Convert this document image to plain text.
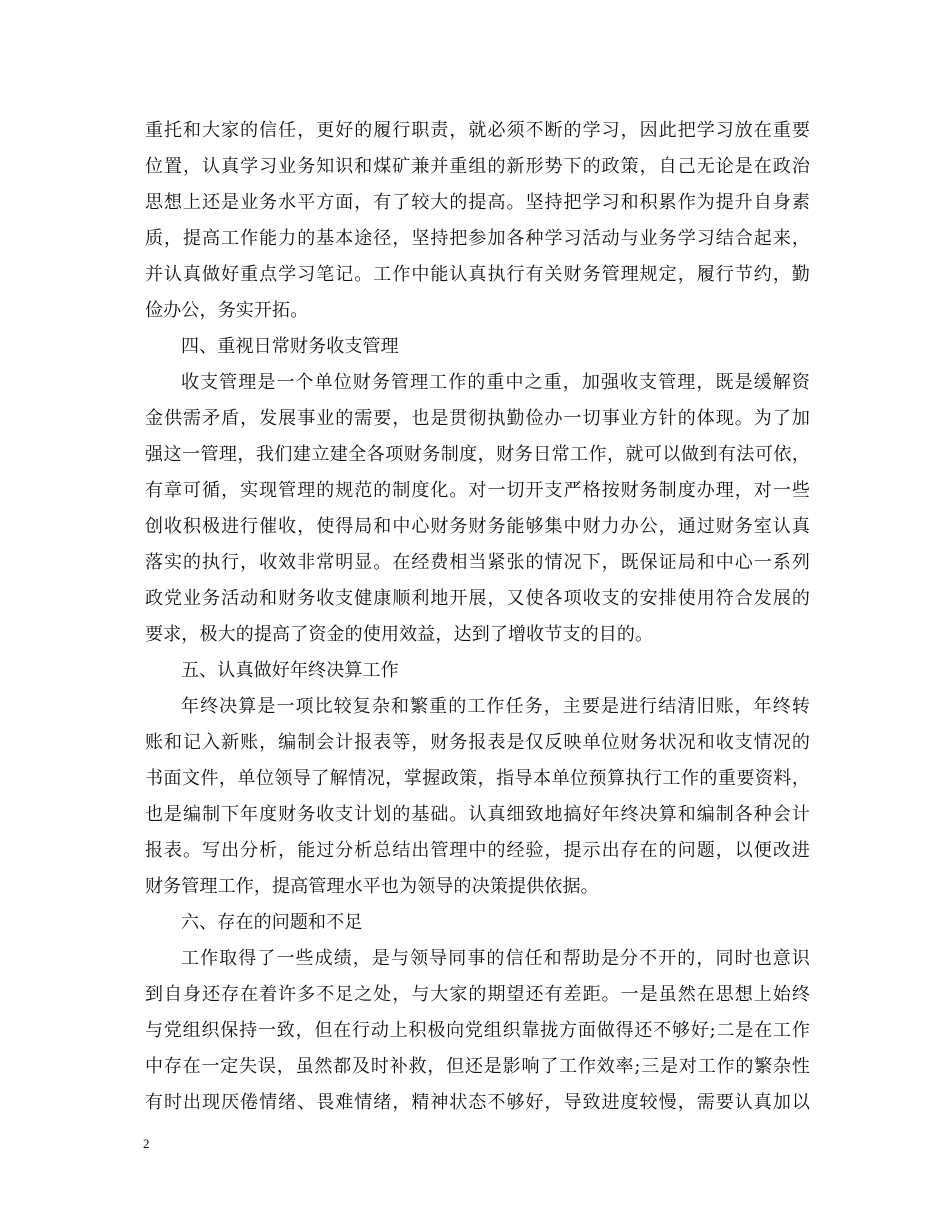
重托和大家的信任，更好的履行职责，就必须不断的学习，因此把学习放在重要
位置，认真学习业务知识和煤矿兼并重组的新形势下的政策，自己无论是在政治
思想上还是业务水平方面，有了较大的提高。坚持把学习和积累作为提升自身素
质，提高工作能力的基本途径，坚持把参加各种学习活动与业务学习结合起来，
并认真做好重点学习笔记。工作中能认真执行有关财务管理规定，履行节约，勤
俭办公，务实开拓。
四、重视日常财务收支管理
收支管理是一个单位财务管理工作的重中之重，加强收支管理，既是缓解资
金供需矛盾，发展事业的需要，也是贯彻执勤俭办一切事业方针的体现。为了加
强这一管理，我们建立建全各项财务制度，财务日常工作，就可以做到有法可依，
有章可循，实现管理的规范的制度化。对一切开支严格按财务制度办理，对一些
创收积极进行催收，使得局和中心财务财务能够集中财力办公，通过财务室认真
落实的执行，收效非常明显。在经费相当紧张的情况下，既保证局和中心一系列
政党业务活动和财务收支健康顺利地开展，又使各项收支的安排使用符合发展的
要求，极大的提高了资金的使用效益，达到了增收节支的目的。
五、认真做好年终决算工作
年终决算是一项比较复杂和繁重的工作任务，主要是进行结清旧账，年终转
账和记入新账，编制会计报表等，财务报表是仅反映单位财务状况和收支情况的
书面文件，单位领导了解情况，掌握政策，指导本单位预算执行工作的重要资料，
也是编制下年度财务收支计划的基础。认真细致地搞好年终决算和编制各种会计
报表。写出分析，能过分析总结出管理中的经验，提示出存在的问题，以便改进
财务管理工作，提高管理水平也为领导的决策提供依据。
六、存在的问题和不足
工作取得了一些成绩，是与领导同事的信任和帮助是分不开的，同时也意识
到自身还存在着许多不足之处，与大家的期望还有差距。一是虽然在思想上始终
与党组织保持一致，但在行动上积极向党组织靠拢方面做得还不够好;二是在工作
中存在一定失误，虽然都及时补救，但还是影响了工作效率;三是对工作的繁杂性
有时出现厌倦情绪、畏难情绪，精神状态不够好，导致进度较慢，需要认真加以
2
